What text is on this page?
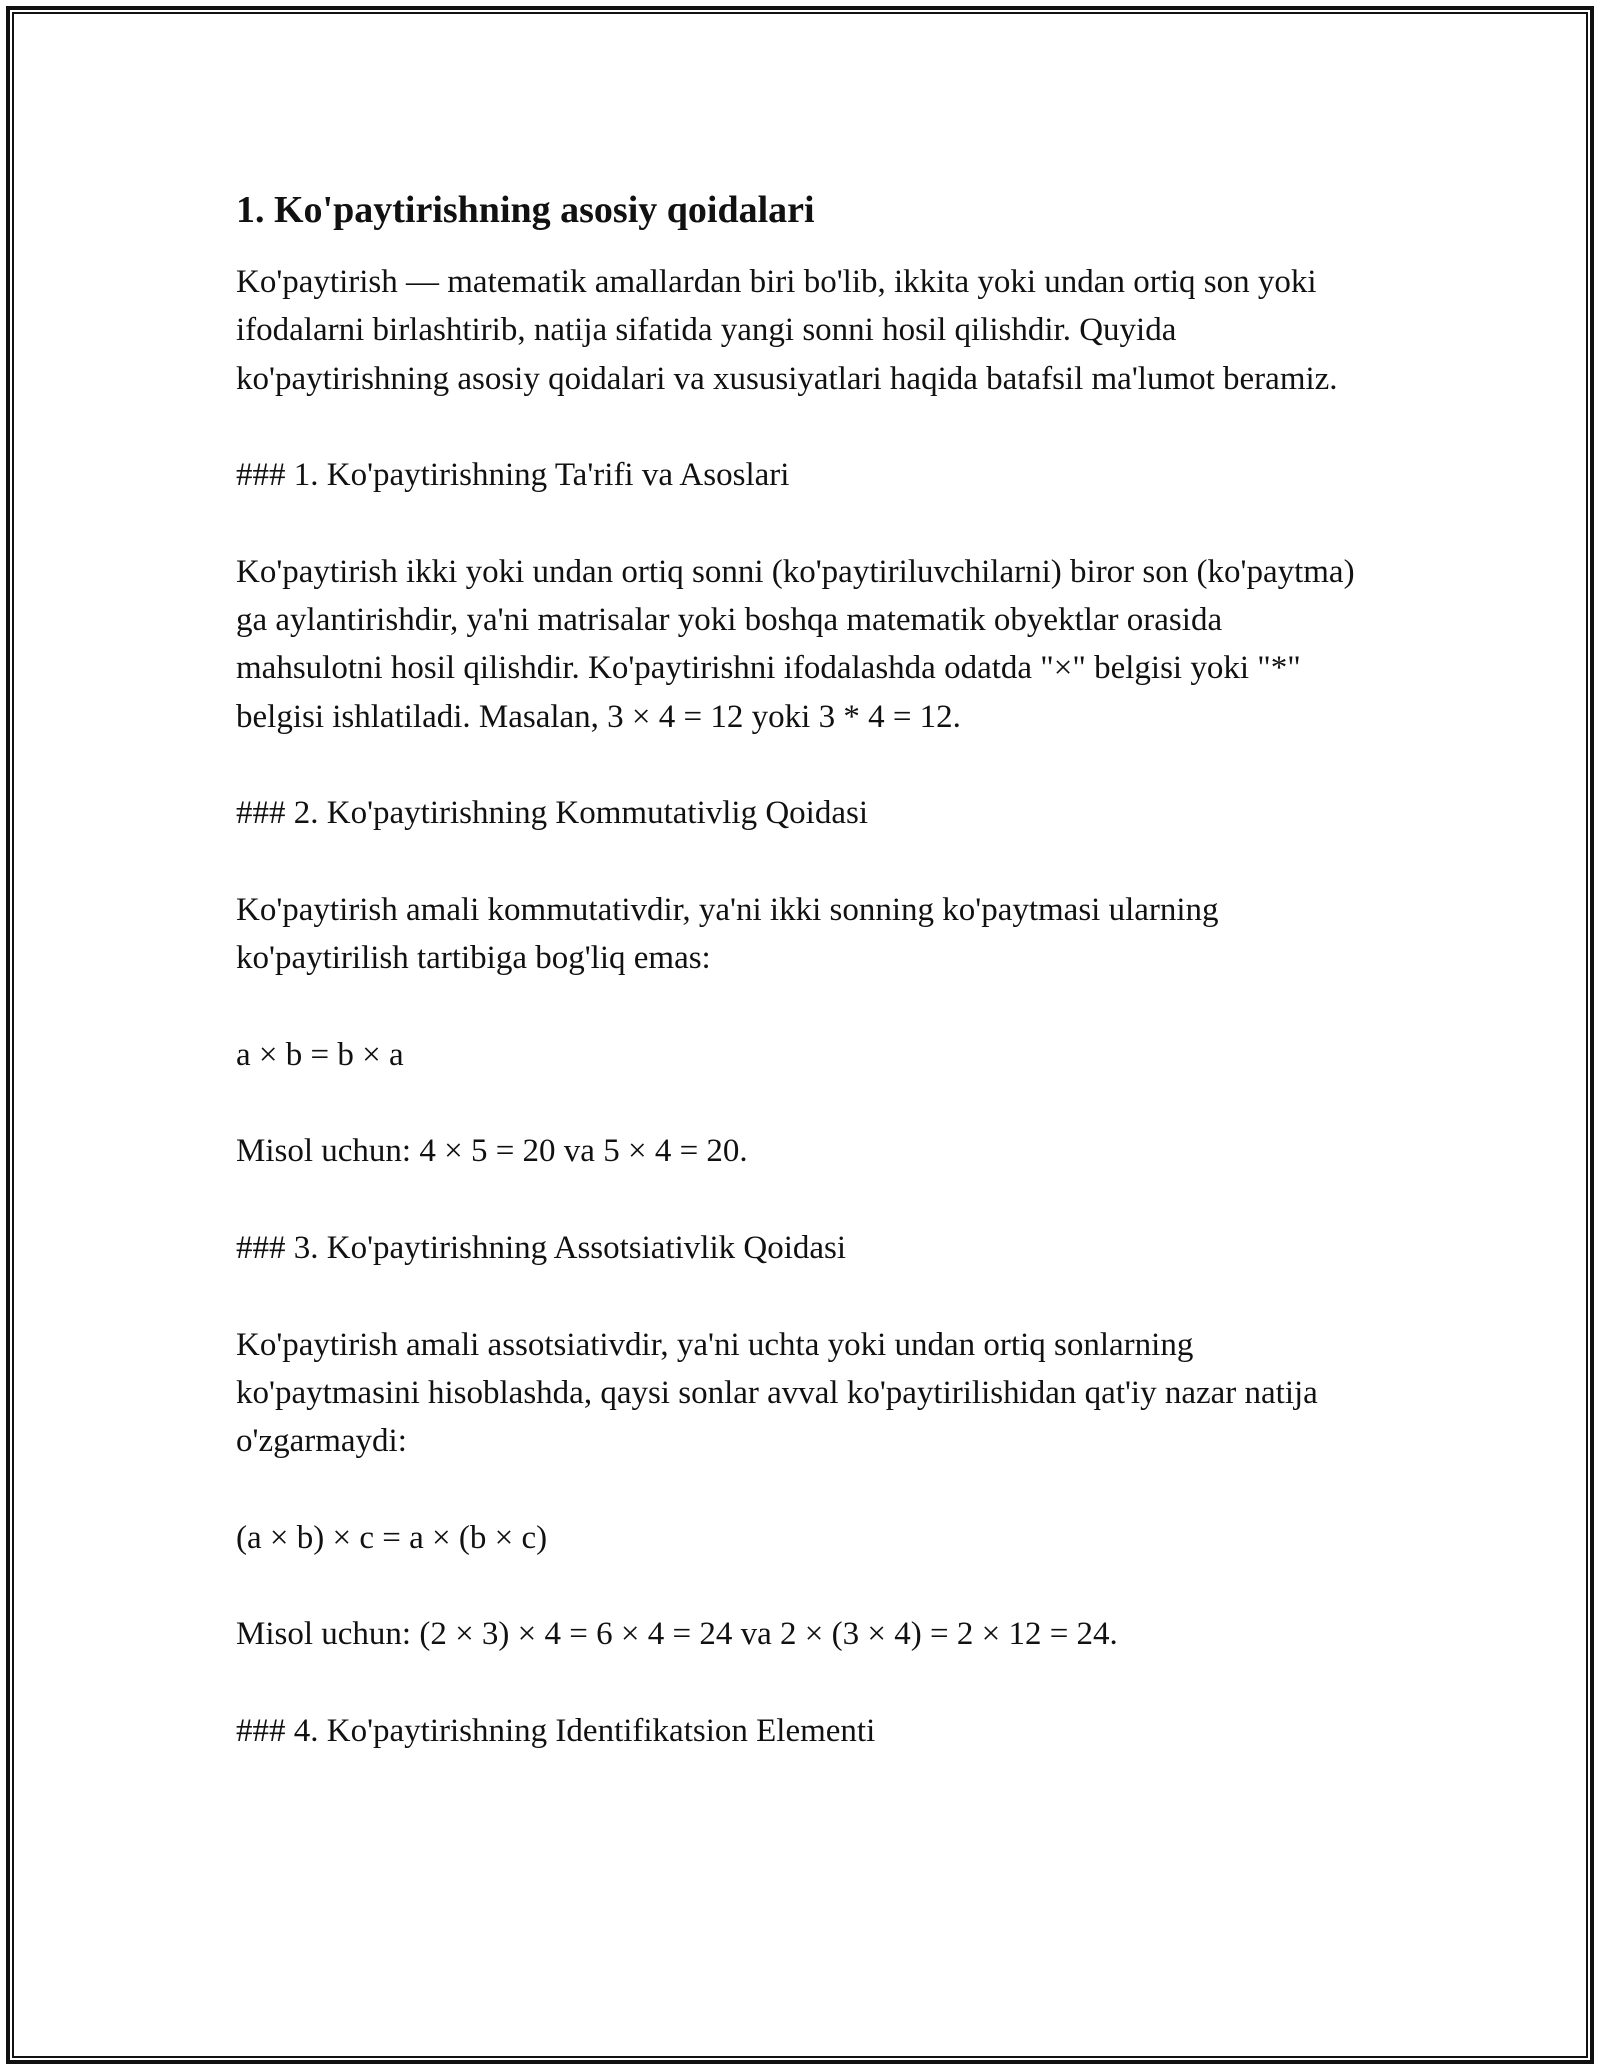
1. Ko'paytirishning asosiy qoidalari

Ko'paytirish — matematik amallardan biri bo'lib, ikkita yoki undan ortiq son yoki ifodalarni birlashtirib, natija sifatida yangi sonni hosil qilishdir. Quyida ko'paytirishning asosiy qoidalari va xususiyatlari haqida batafsil ma'lumot beramiz.

### 1. Ko'paytirishning Ta'rifi va Asoslari

Ko'paytirish ikki yoki undan ortiq sonni (ko'paytiriluvchilarni) biror son (ko'paytma) ga aylantirishdir, ya'ni matrisalar yoki boshqa matematik obyektlar orasida mahsulotni hosil qilishdir. Ko'paytirishni ifodalashda odatda "×" belgisi yoki "*" belgisi ishlatiladi. Masalan, 3 × 4 = 12 yoki 3 * 4 = 12.

### 2. Ko'paytirishning Kommutativlig Qoidasi

Ko'paytirish amali kommutativdir, ya'ni ikki sonning ko'paytmasi ularning ko'paytirilish tartibiga bog'liq emas:

a × b = b × a

Misol uchun: 4 × 5 = 20 va 5 × 4 = 20.

### 3. Ko'paytirishning Assotsiativlik Qoidasi

Ko'paytirish amali assotsiativdir, ya'ni uchta yoki undan ortiq sonlarning ko'paytmasini hisoblashda, qaysi sonlar avval ko'paytirilishidan qat'iy nazar natija o'zgarmaydi:

(a × b) × c = a × (b × c)

Misol uchun: (2 × 3) × 4 = 6 × 4 = 24 va 2 × (3 × 4) = 2 × 12 = 24.

### 4. Ko'paytirishning Identifikatsion Elementi
